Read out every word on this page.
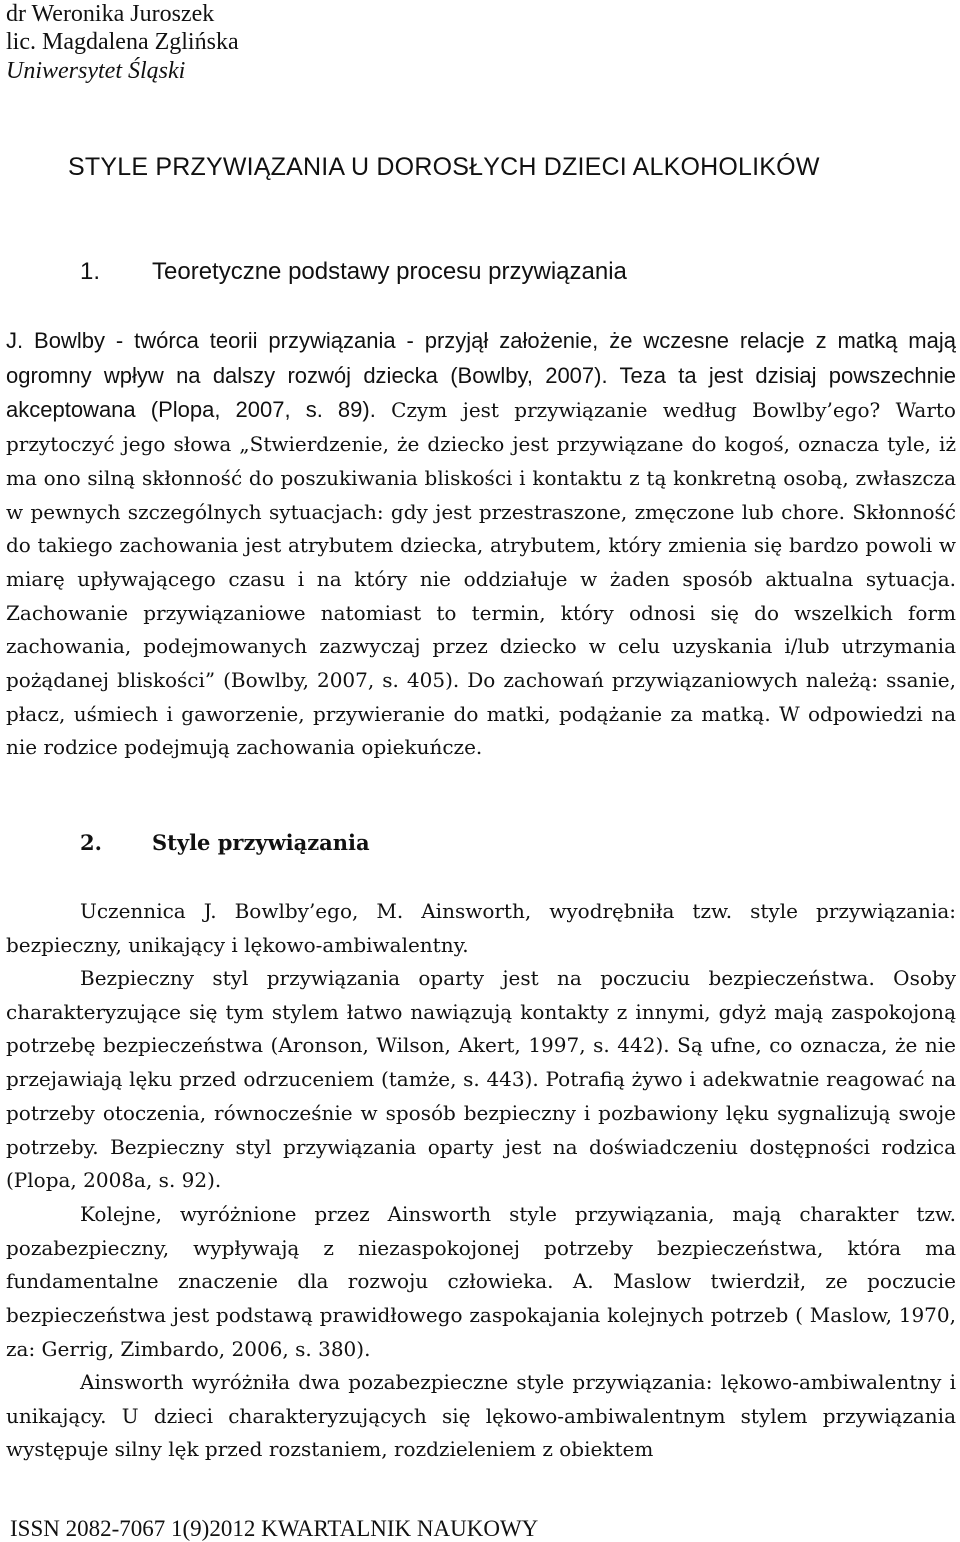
dr Weronika Juroszek
lic. Magdalena Zglińska
Uniwersytet Śląski
STYLE PRZYWIĄZANIA U DOROSŁYCH DZIECI ALKOHOLIKÓW
1. Teoretyczne podstawy procesu przywiązania

J. Bowlby - twórca teorii przywiązania - przyjął założenie, że wczesne relacje z matką mają ogromny wpływ na dalszy rozwój dziecka (Bowlby, 2007). Teza ta jest dzisiaj powszechnie akceptowana (Plopa, 2007, s. 89). Czym jest przywiązanie według Bowlby’ego? Warto przytoczyć jego słowa „Stwierdzenie, że dziecko jest przywiązane do kogoś, oznacza tyle, iż ma ono silną skłonność do poszukiwania bliskości i kontaktu z tą konkretną osobą, zwłaszcza w pewnych szczególnych sytuacjach: gdy jest przestraszone, zmęczone lub chore. Skłonność do takiego zachowania jest atrybutem dziecka, atrybutem, który zmienia się bardzo powoli w miarę upływającego czasu i na który nie oddziałuje w żaden sposób aktualna sytuacja. Zachowanie przywiązaniowe natomiast to termin, który odnosi się do wszelkich form zachowania, podejmowanych zazwyczaj przez dziecko w celu uzyskania i/lub utrzymania pożądanej bliskości” (Bowlby, 2007, s. 405). Do zachowań przywiązaniowych należą: ssanie, płacz, uśmiech i gaworzenie, przywieranie do matki, podążanie za matką. W odpowiedzi na nie rodzice podejmują zachowania opiekuńcze.

2. Style przywiązania

Uczennica J. Bowlby’ego, M. Ainsworth, wyodrębniła tzw. style przywiązania: bezpieczny, unikający i lękowo-ambiwalentny.

Bezpieczny styl przywiązania oparty jest na poczuciu bezpieczeństwa. Osoby charakteryzujące się tym stylem łatwo nawiązują kontakty z innymi, gdyż mają zaspokojoną potrzebę bezpieczeństwa (Aronson, Wilson, Akert, 1997, s. 442). Są ufne, co oznacza, że nie przejawiają lęku przed odrzuceniem (tamże, s. 443). Potrafią żywo i adekwatnie reagować na potrzeby otoczenia, równocześnie w sposób bezpieczny i pozbawiony lęku sygnalizują swoje potrzeby. Bezpieczny styl przywiązania oparty jest na doświadczeniu dostępności rodzica (Plopa, 2008a, s. 92).

Kolejne, wyróżnione przez Ainsworth style przywiązania, mają charakter tzw. pozabezpieczny, wypływają z niezaspokojonej potrzeby bezpieczeństwa, która ma fundamentalne znaczenie dla rozwoju człowieka. A. Maslow twierdził, ze poczucie bezpieczeństwa jest podstawą prawidłowego zaspokajania kolejnych potrzeb ( Maslow, 1970, za: Gerrig, Zimbardo, 2006, s. 380).

Ainsworth wyróżniła dwa pozabezpieczne style przywiązania: lękowo-ambiwalentny i unikający. U dzieci charakteryzujących się lękowo-ambiwalentnym stylem przywiązania występuje silny lęk przed rozstaniem, rozdzieleniem z obiektem

ISSN 2082-7067 1(9)2012 KWARTALNIK NAUKOWY
